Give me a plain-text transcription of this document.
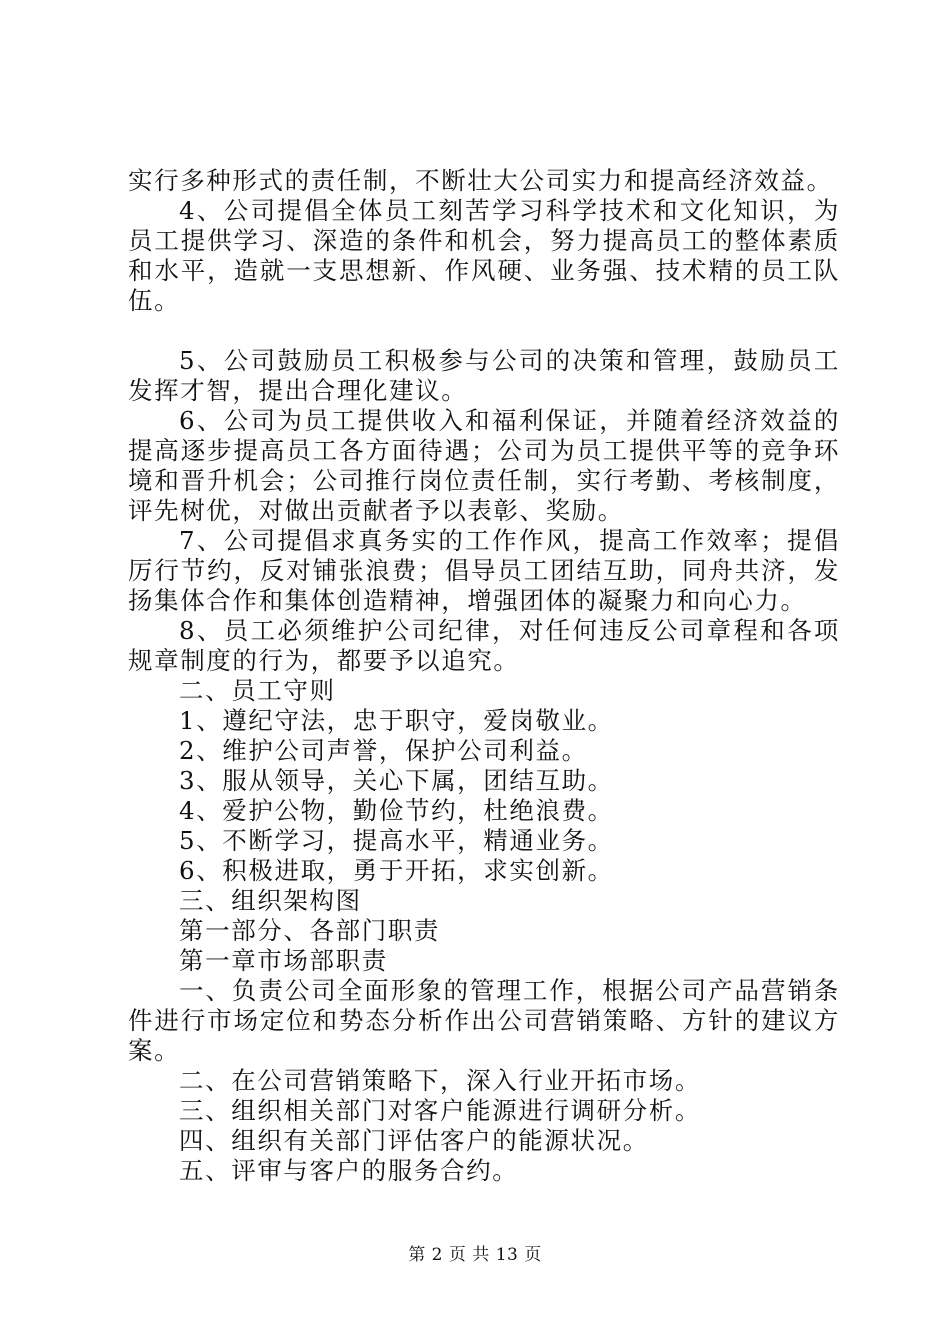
实行多种形式的责任制，不断壮大公司实力和提高经济效益。

4、公司提倡全体员工刻苦学习科学技术和文化知识，为员工提供学习、深造的条件和机会，努力提高员工的整体素质和水平，造就一支思想新、作风硬、业务强、技术精的员工队伍。

5、公司鼓励员工积极参与公司的决策和管理，鼓励员工发挥才智，提出合理化建议。

6、公司为员工提供收入和福利保证，并随着经济效益的提高逐步提高员工各方面待遇；公司为员工提供平等的竞争环境和晋升机会；公司推行岗位责任制，实行考勤、考核制度，评先树优，对做出贡献者予以表彰、奖励。

7、公司提倡求真务实的工作作风，提高工作效率；提倡厉行节约，反对铺张浪费；倡导员工团结互助，同舟共济，发扬集体合作和集体创造精神，增强团体的凝聚力和向心力。

8、员工必须维护公司纪律，对任何违反公司章程和各项规章制度的行为，都要予以追究。

二、员工守则

1、遵纪守法，忠于职守，爱岗敬业。

2、维护公司声誉，保护公司利益。

3、服从领导，关心下属，团结互助。

4、爱护公物，勤俭节约，杜绝浪费。

5、不断学习，提高水平，精通业务。

6、积极进取，勇于开拓，求实创新。

三、组织架构图

第一部分、各部门职责

第一章市场部职责

一、负责公司全面形象的管理工作，根据公司产品营销条件进行市场定位和势态分析作出公司营销策略、方针的建议方案。

二、在公司营销策略下，深入行业开拓市场。

三、组织相关部门对客户能源进行调研分析。

四、组织有关部门评估客户的能源状况。

五、评审与客户的服务合约。

第 2 页 共 13 页
